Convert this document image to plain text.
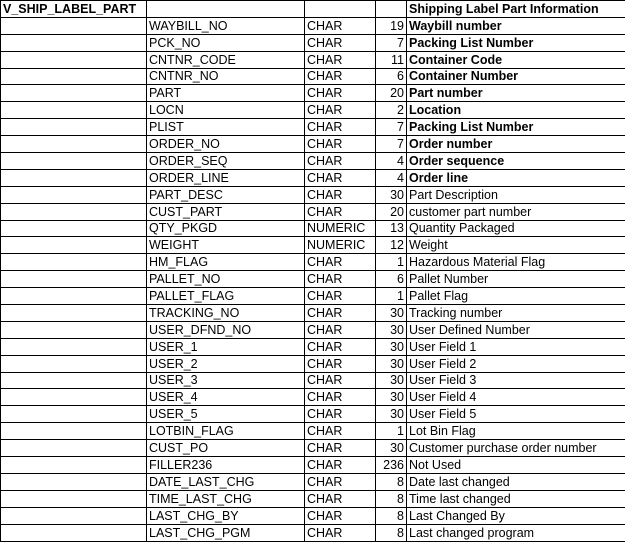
V_SHIP_LABEL_PART				Shipping Label Part Information
	WAYBILL_NO	CHAR	19	Waybill number
	PCK_NO	CHAR	7	Packing List Number
	CNTNR_CODE	CHAR	11	Container Code
	CNTNR_NO	CHAR	6	Container Number
	PART	CHAR	20	Part number
	LOCN	CHAR	2	Location
	PLIST	CHAR	7	Packing List Number
	ORDER_NO	CHAR	7	Order number
	ORDER_SEQ	CHAR	4	Order sequence
	ORDER_LINE	CHAR	4	Order line
	PART_DESC	CHAR	30	Part Description
	CUST_PART	CHAR	20	customer part number
	QTY_PKGD	NUMERIC	13	Quantity Packaged
	WEIGHT	NUMERIC	12	Weight
	HM_FLAG	CHAR	1	Hazardous Material Flag
	PALLET_NO	CHAR	6	Pallet Number
	PALLET_FLAG	CHAR	1	Pallet Flag
	TRACKING_NO	CHAR	30	Tracking number
	USER_DFND_NO	CHAR	30	User Defined Number
	USER_1	CHAR	30	User Field 1
	USER_2	CHAR	30	User Field 2
	USER_3	CHAR	30	User Field 3
	USER_4	CHAR	30	User Field 4
	USER_5	CHAR	30	User Field 5
	LOTBIN_FLAG	CHAR	1	Lot Bin Flag
	CUST_PO	CHAR	30	Customer purchase order number
	FILLER236	CHAR	236	Not Used
	DATE_LAST_CHG	CHAR	8	Date last changed
	TIME_LAST_CHG	CHAR	8	Time last changed
	LAST_CHG_BY	CHAR	8	Last Changed By
	LAST_CHG_PGM	CHAR	8	Last changed program
